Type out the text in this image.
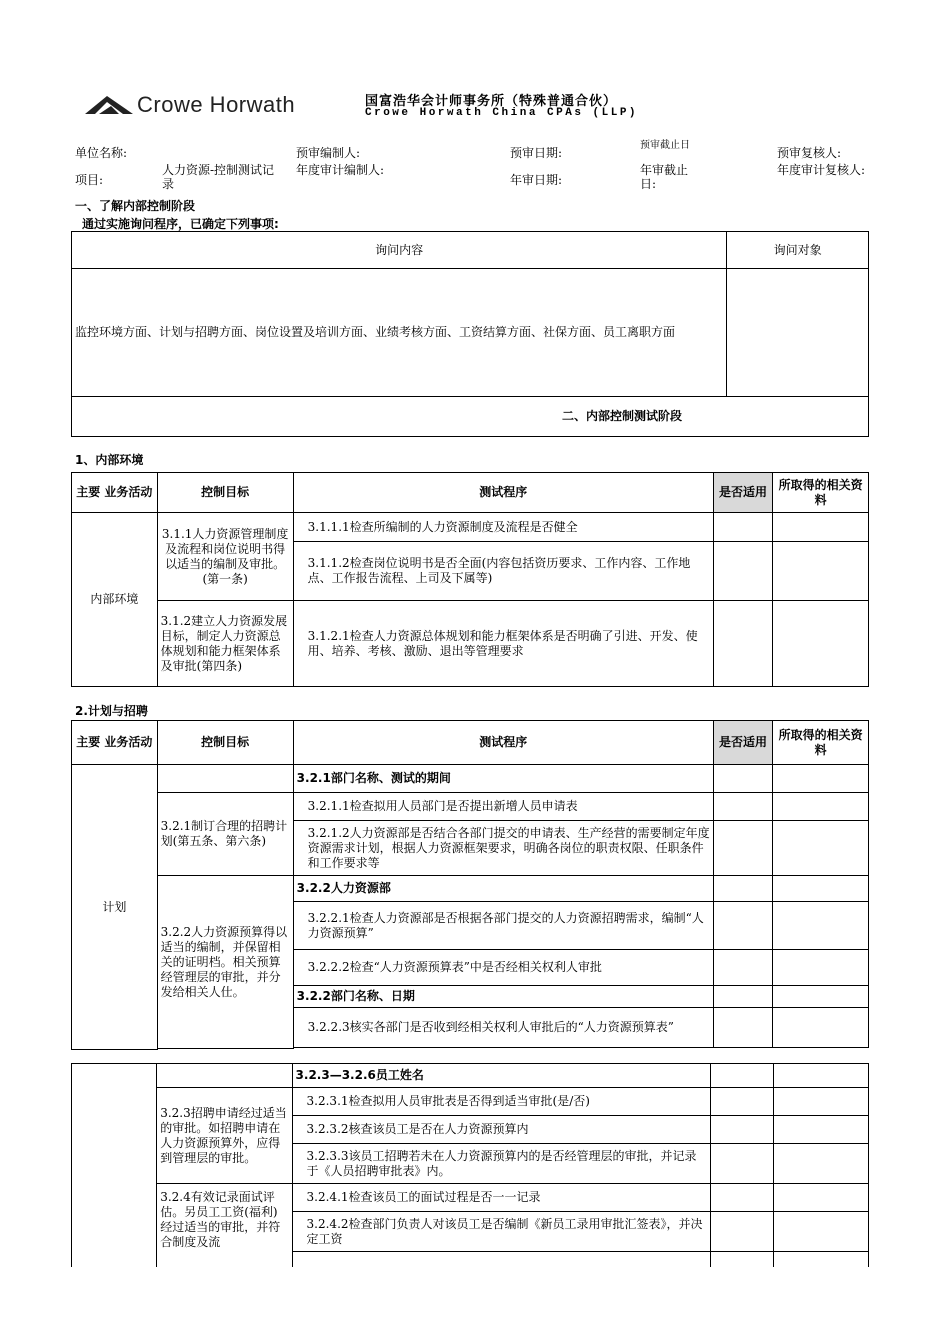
Crowe Horwath	国富浩华会计师事务所（特殊普通合伙）
Crowe Horwath China CPAs (LLP)
单位名称:	预审编制人:	预审日期:
预审截止日
预审复核人:
项目:
人力资源-控制测试记录
年度审计编制人:
年审日期:
年审截止日:
年度审计复核人:
一、了解内部控制阶段
通过实施询问程序，已确定下列事项:
询问内容	询问对象
监控环境方面、计划与招聘方面、岗位设置及培训方面、业绩考核方面、工资结算方面、社保方面、员工离职方面	
二、内部控制测试阶段	
1、内部环境
主要 业务活动	控制目标	测试程序	是否适用	所取得的相关资料
内部环境	3.1.1人力资源管理制度及流程和岗位说明书得以适当的编制及审批。(第一条)	3.1.1.1检查所编制的人力资源制度及流程是否健全		
		3.1.1.2检查岗位说明书是否全面(内容包括资历要求、工作内容、工作地点、工作报告流程、上司及下属等)		
	3.1.2建立人力资源发展目标，制定人力资源总体规划和能力框架体系及审批(第四条)	3.1.2.1检查人力资源总体规划和能力框架体系是否明确了引进、开发、使用、培养、考核、激励、退出等管理要求		
2.计划与招聘
主要 业务活动	控制目标	测试程序	是否适用	所取得的相关资料
计划		3.2.1部门名称、测试的期间		
	3.2.1制订合理的招聘计划(第五条、第六条)	3.2.1.1检查拟用人员部门是否提出新增人员申请表		
		3.2.1.2人力资源部是否结合各部门提交的申请表、生产经营的需要制定年度资源需求计划，根据人力资源框架要求，明确各岗位的职责权限、任职条件和工作要求等		
	3.2.2人力资源预算得以适当的编制，并保留相关的证明档。相关预算经管理层的审批，并分发给相关人仕。	3.2.2人力资源部		
		3.2.2.1检查人力资源部是否根据各部门提交的人力资源招聘需求，编制“人力资源预算”		
		3.2.2.2检查“人力资源预算表”中是否经相关权利人审批		
		3.2.2部门名称、日期		
		3.2.2.3核实各部门是否收到经相关权利人审批后的“人力资源预算表”		

		3.2.3—3.2.6员工姓名		
	3.2.3招聘申请经过适当的审批。如招聘申请在人力资源预算外，应得到管理层的审批。	3.2.3.1检查拟用人员审批表是否得到适当审批(是/否)		
		3.2.3.2核查该员工是否在人力资源预算内		
		3.2.3.3该员工招聘若未在人力资源预算内的是否经管理层的审批，并记录于《人员招聘审批表》内。		
	3.2.4有效记录面试评估。另员工工资(福利)经过适当的审批，并符合制度及流	3.2.4.1检查该员工的面试过程是否一一记录		
		3.2.4.2检查部门负责人对该员工是否编制《新员工录用审批汇签表》，并决定工资		
